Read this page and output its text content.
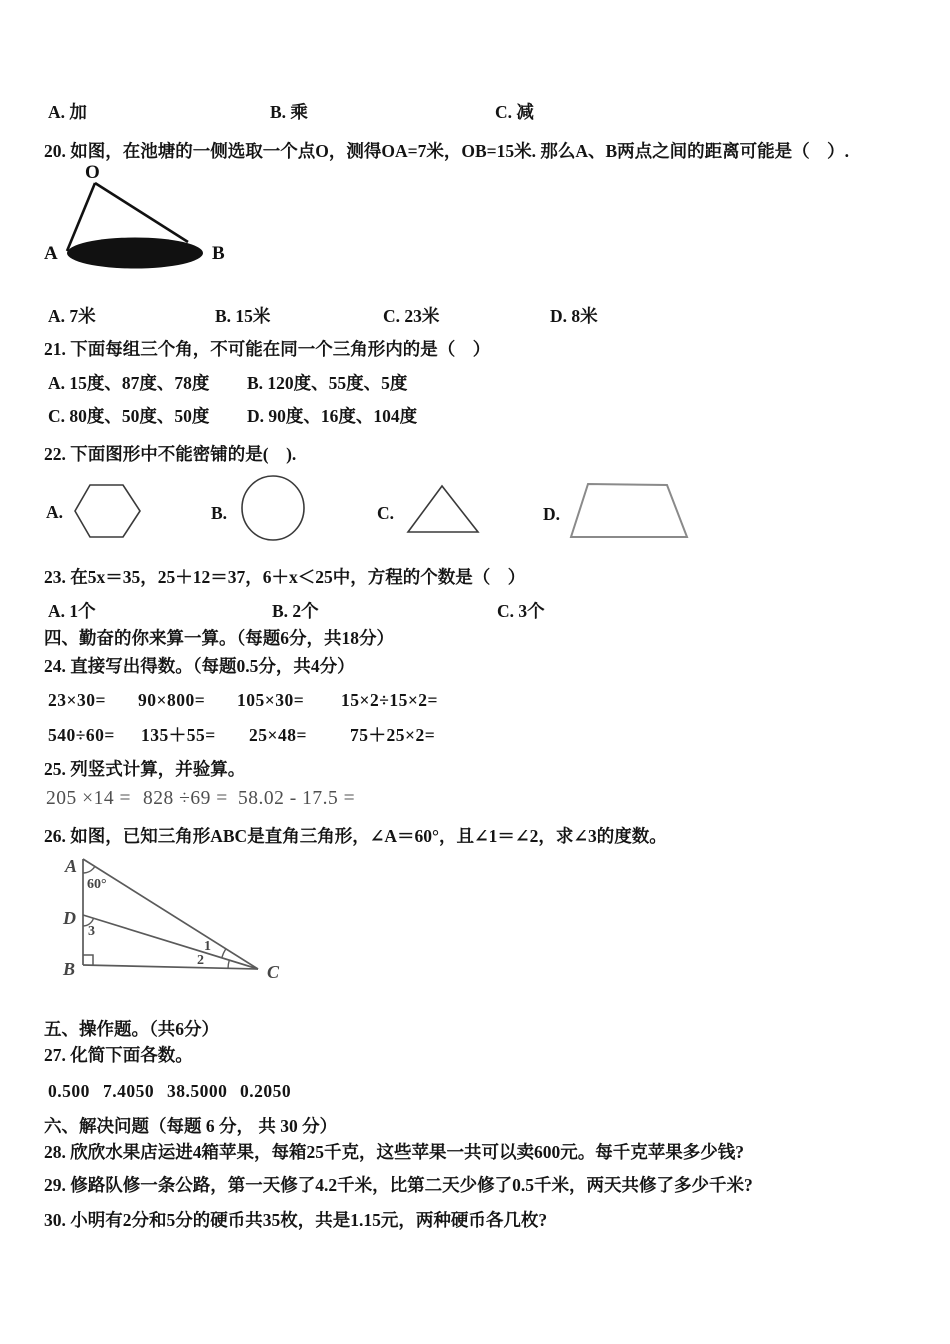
A. 加	B. 乘	C. 减
20. 如图，在池塘的一侧选取一个点O，测得OA=7米，OB=15米. 那么A、B两点之间的距离可能是（　）.
O
A	B
A. 7米	B. 15米	C. 23米	D. 8米
21. 下面每组三个角，不可能在同一个三角形内的是（　）
A. 15度、87度、78度 B. 120度、55度、5度
C. 80度、50度、50度 D. 90度、16度、104度
22. 下面图形中不能密铺的是(　).
A.	B.	C.	D.
23. 在5x＝35，25＋12＝37，6＋x＜25中，方程的个数是（　）
A. 1个	B. 2个	C. 3个
四、勤奋的你来算一算。（每题6分，共18分）
24. 直接写出得数。（每题0.5分，共4分）
23×30= 90×800= 105×30= 15×2÷15×2=
540÷60= 135＋55= 25×48= 75＋25×2=
25. 列竖式计算，并验算。
205 ×14 = 828 ÷69 = 58.02 - 17.5 =
26. 如图，已知三角形ABC是直角三角形，∠A＝60°，且∠1＝∠2，求∠3的度数。
A
D
B	C
60°
3
1
2
五、操作题。（共6分）
27. 化简下面各数。
0.500 7.4050 38.5000 0.2050
六、解决问题（每题 6 分， 共 30 分）
28. 欣欣水果店运进4箱苹果，每箱25千克，这些苹果一共可以卖600元。每千克苹果多少钱?
29. 修路队修一条公路，第一天修了4.2千米，比第二天少修了0.5千米，两天共修了多少千米?
30. 小明有2分和5分的硬币共35枚，共是1.15元，两种硬币各几枚?
